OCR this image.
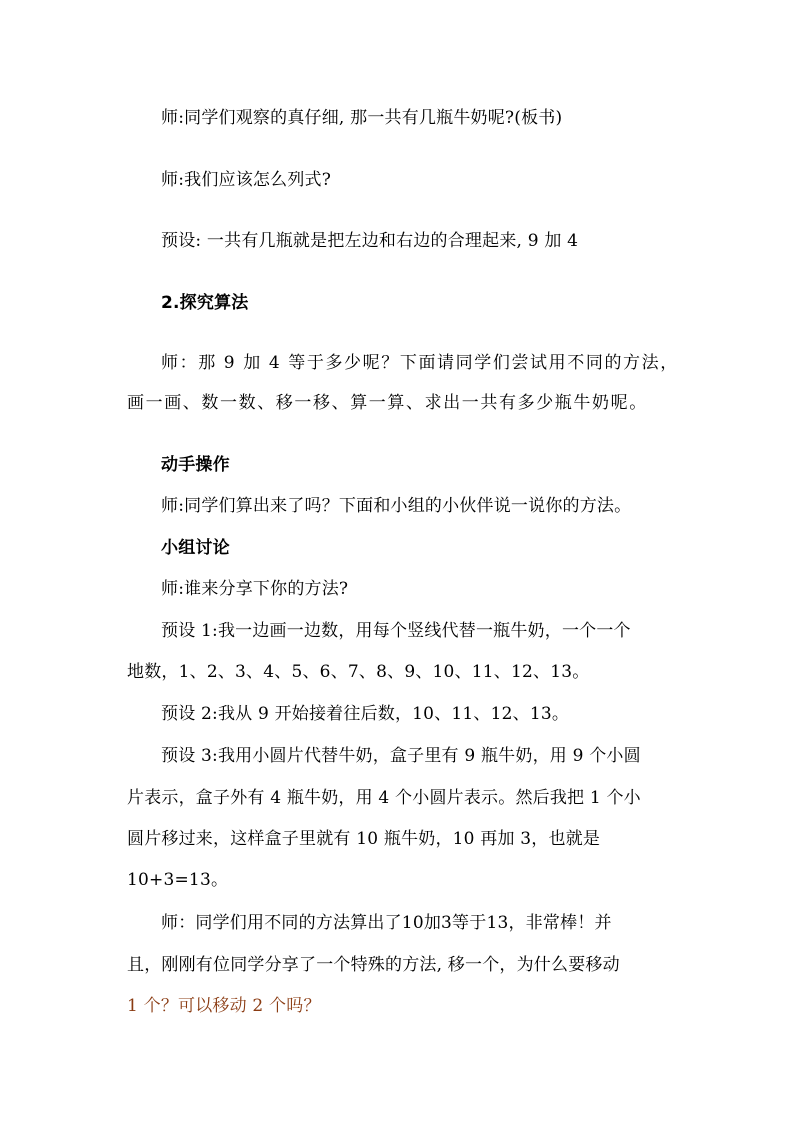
师:同学们观察的真仔细, 那一共有几瓶牛奶呢?(板书)
师:我们应该怎么列式?
预设: 一共有几瓶就是把左边和右边的合理起来, 9 加 4
2.探究算法
师：那 9 加 4 等于多少呢？下面请同学们尝试用不同的方法，
画一画、数一数、移一移、算一算、求出一共有多少瓶牛奶呢。
动手操作
师:同学们算出来了吗？下面和小组的小伙伴说一说你的方法。
小组讨论
师:谁来分享下你的方法?
预设 1:我一边画一边数，用每个竖线代替一瓶牛奶，一个一个
地数，1、2、3、4、5、6、7、8、9、10、11、12、13。
预设 2:我从 9 开始接着往后数，10、11、12、13。
预设 3:我用小圆片代替牛奶，盒子里有 9 瓶牛奶，用 9 个小圆
片表示，盒子外有 4 瓶牛奶，用 4 个小圆片表示。然后我把 1 个小
圆片移过来，这样盒子里就有 10 瓶牛奶，10 再加 3，也就是
10+3=13。
师：同学们用不同的方法算出了10加3等于13，非常棒！并
且，刚刚有位同学分享了一个特殊的方法, 移一个，为什么要移动
1 个？可以移动 2 个吗？
